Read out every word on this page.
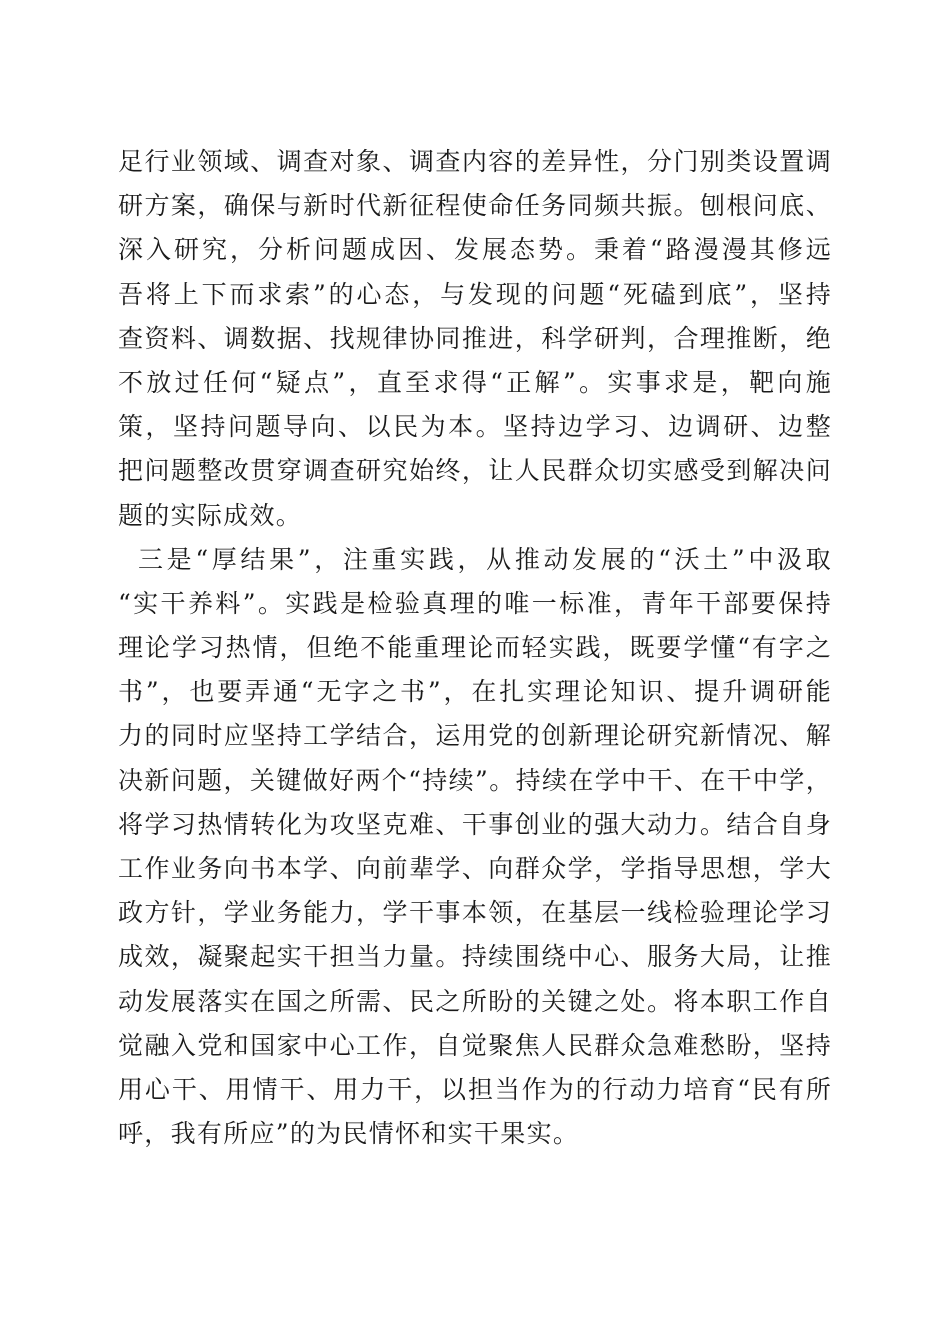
足行业领域、调查对象、调查内容的差异性，分门别类设置调
研方案，确保与新时代新征程使命任务同频共振。刨根问底、
深入研究，分析问题成因、发展态势。秉着“路漫漫其修远
吾将上下而求索”的心态，与发现的问题“死磕到底”，坚持
查资料、调数据、找规律协同推进，科学研判，合理推断，绝
不放过任何“疑点”，直至求得“正解”。实事求是，靶向施
策，坚持问题导向、以民为本。坚持边学习、边调研、边整
把问题整改贯穿调查研究始终，让人民群众切实感受到解决问
题的实际成效。
三是“厚结果”，注重实践，从推动发展的“沃土”中汲取
“实干养料”。实践是检验真理的唯一标准，青年干部要保持
理论学习热情，但绝不能重理论而轻实践，既要学懂“有字之
书”，也要弄通“无字之书”，在扎实理论知识、提升调研能
力的同时应坚持工学结合，运用党的创新理论研究新情况、解
决新问题，关键做好两个“持续”。持续在学中干、在干中学，
将学习热情转化为攻坚克难、干事创业的强大动力。结合自身
工作业务向书本学、向前辈学、向群众学，学指导思想，学大
政方针，学业务能力，学干事本领，在基层一线检验理论学习
成效，凝聚起实干担当力量。持续围绕中心、服务大局，让推
动发展落实在国之所需、民之所盼的关键之处。将本职工作自
觉融入党和国家中心工作，自觉聚焦人民群众急难愁盼，坚持
用心干、用情干、用力干，以担当作为的行动力培育“民有所
呼，我有所应”的为民情怀和实干果实。
